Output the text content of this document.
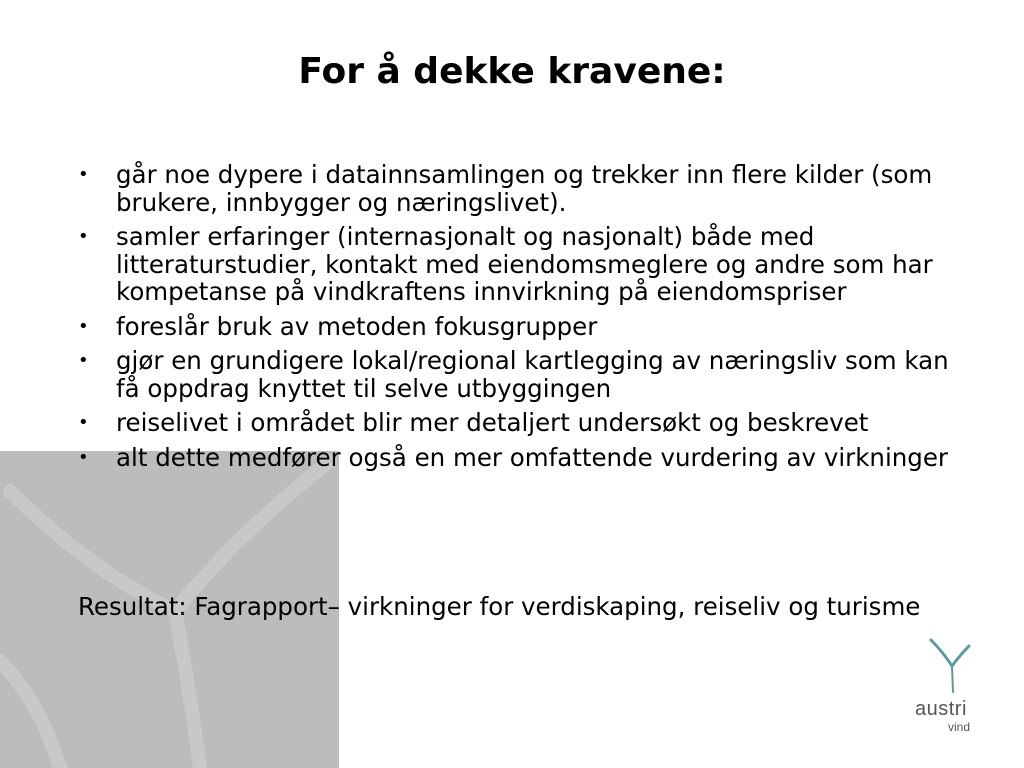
For å dekke kravene:
• går noe dypere i datainnsamlingen og trekker inn flere kilder (som brukere, innbygger og næringslivet).
• samler erfaringer (internasjonalt og nasjonalt) både med litteraturstudier, kontakt med eiendomsmeglere og andre som har kompetanse på vindkraftens innvirkning på eiendomspriser
• foreslår bruk av metoden fokusgrupper
• gjør en grundigere lokal/regional kartlegging av næringsliv som kan få oppdrag knyttet til selve utbyggingen
• reiselivet i området blir mer detaljert undersøkt og beskrevet
• alt dette medfører også en mer omfattende vurdering av virkninger

Resultat: Fagrapport– virkninger for verdiskaping, reiseliv og turisme

austri
vind
